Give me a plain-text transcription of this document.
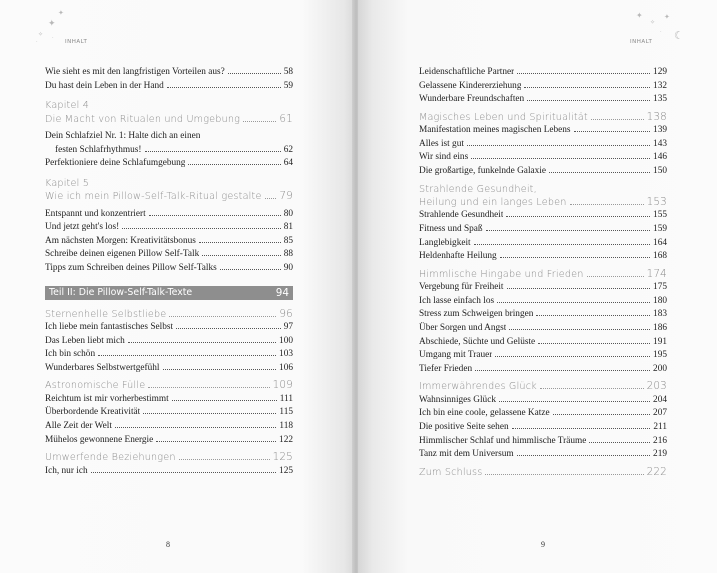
✦
✦
✧ ·
·	INHALT
Wie sieht es mit den langfristigen Vorteilen aus?	58
Du hast dein Leben in der Hand	59
Kapitel 4
Die Macht von Ritualen und Umgebung	61
Dein Schlafziel Nr. 1: Halte dich an einen
festen Schlafrhythmus!	62
Perfektioniere deine Schlafumgebung	64
Kapitel 5
Wie ich mein Pillow-Self-Talk-Ritual gestalte 79
Entspannt und konzentriert	80
Und jetzt geht's los!	81
Am nächsten Morgen: Kreativitätsbonus	85
Schreibe deinen eigenen Pillow Self-Talk	88
Tipps zum Schreiben deines Pillow Self-Talks	90
Teil II: Die Pillow-Self-Talk-Texte	94
Sternenhelle Selbstliebe	96
Ich liebe mein fantastisches Selbst	97
Das Leben liebt mich	100
Ich bin schön	103
Wunderbares Selbstwertgefühl	106
Astronomische Fülle	109
Reichtum ist mir vorherbestimmt	111
Überbordende Kreativität	115
Alle Zeit der Welt	118
Mühelos gewonnene Energie	122
Umwerfende Beziehungen	125
Ich, nur ich	125
8
✦
✧
✦
· ☾
INHALT
Leidenschaftliche Partner	129
Gelassene Kindererziehung	132
Wunderbare Freundschaften	135
Magisches Leben und Spiritualität	138
Manifestation meines magischen Lebens	139
Alles ist gut	143
Wir sind eins	146
Die großartige, funkelnde Galaxie	150
Strahlende Gesundheit,
Heilung und ein langes Leben	153
Strahlende Gesundheit	155
Fitness und Spaß	159
Langlebigkeit	164
Heldenhafte Heilung	168
Himmlische Hingabe und Frieden	174
Vergebung für Freiheit	175
Ich lasse einfach los	180
Stress zum Schweigen bringen	183
Über Sorgen und Angst	186
Abschiede, Süchte und Gelüste	191
Umgang mit Trauer	195
Tiefer Frieden	200
Immerwährendes Glück	203
Wahnsinniges Glück	204
Ich bin eine coole, gelassene Katze	207
Die positive Seite sehen	211
Himmlischer Schlaf und himmlische Träume	216
Tanz mit dem Universum	219
Zum Schluss	222
9
